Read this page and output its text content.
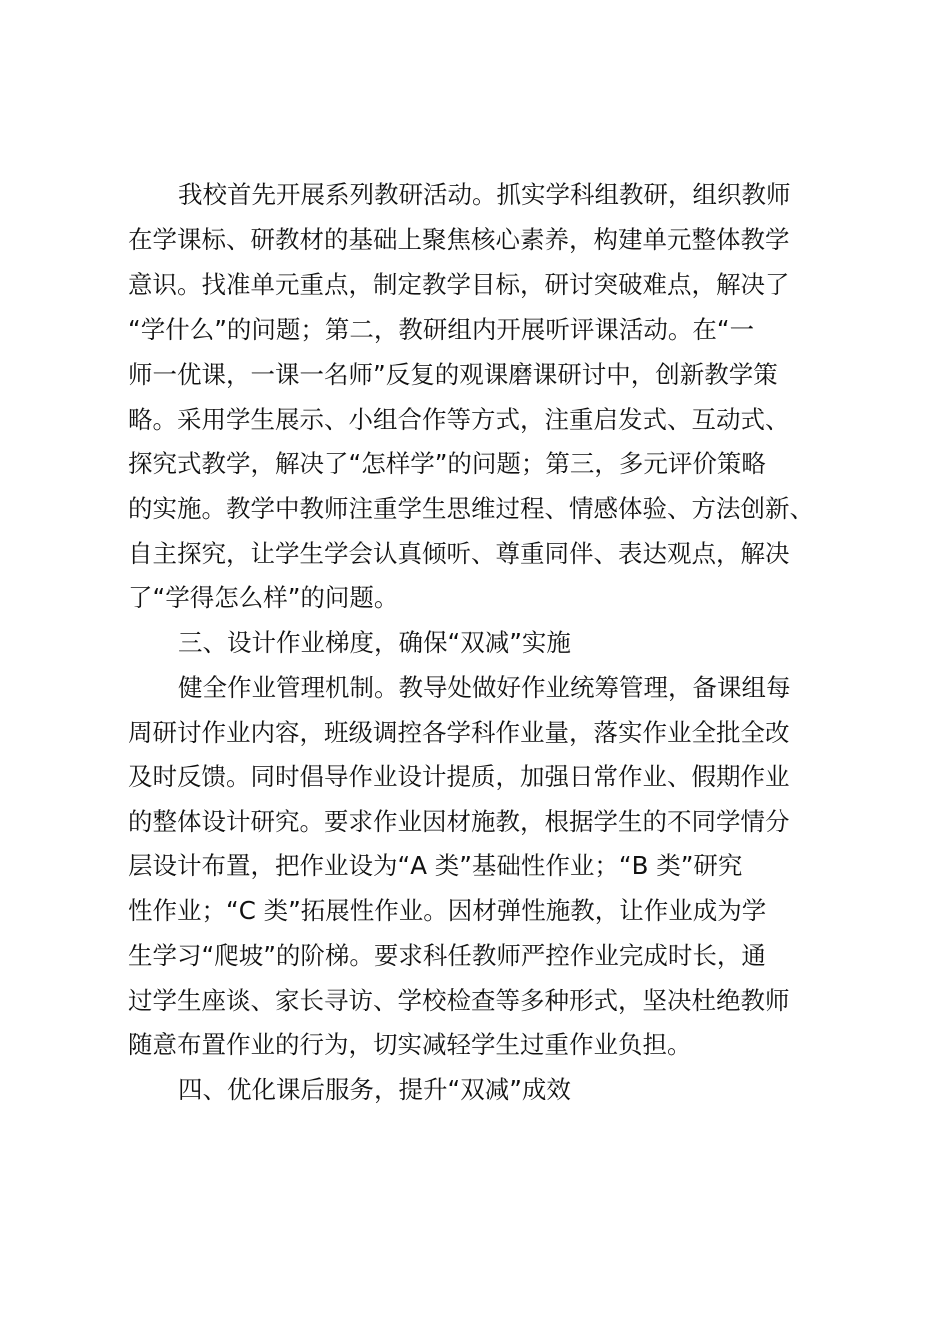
我校首先开展系列教研活动。抓实学科组教研，组织教师
在学课标、研教材的基础上聚焦核心素养，构建单元整体教学
意识。找准单元重点，制定教学目标，研讨突破难点，解决了
“学什么”的问题；第二，教研组内开展听评课活动。在“一
师一优课，一课一名师”反复的观课磨课研讨中，创新教学策
略。采用学生展示、小组合作等方式，注重启发式、互动式、
探究式教学，解决了“怎样学”的问题；第三，多元评价策略
的实施。教学中教师注重学生思维过程、情感体验、方法创新、
自主探究，让学生学会认真倾听、尊重同伴、表达观点，解决
了“学得怎么样”的问题。
三、设计作业梯度，确保“双减”实施
健全作业管理机制。教导处做好作业统筹管理，备课组每
周研讨作业内容，班级调控各学科作业量，落实作业全批全改
及时反馈。同时倡导作业设计提质，加强日常作业、假期作业
的整体设计研究。要求作业因材施教，根据学生的不同学情分
层设计布置，把作业设为“A 类”基础性作业；“B 类”研究
性作业；“C 类”拓展性作业。因材弹性施教，让作业成为学
生学习“爬坡”的阶梯。要求科任教师严控作业完成时长，通
过学生座谈、家长寻访、学校检查等多种形式，坚决杜绝教师
随意布置作业的行为，切实减轻学生过重作业负担。
四、优化课后服务，提升“双减”成效
